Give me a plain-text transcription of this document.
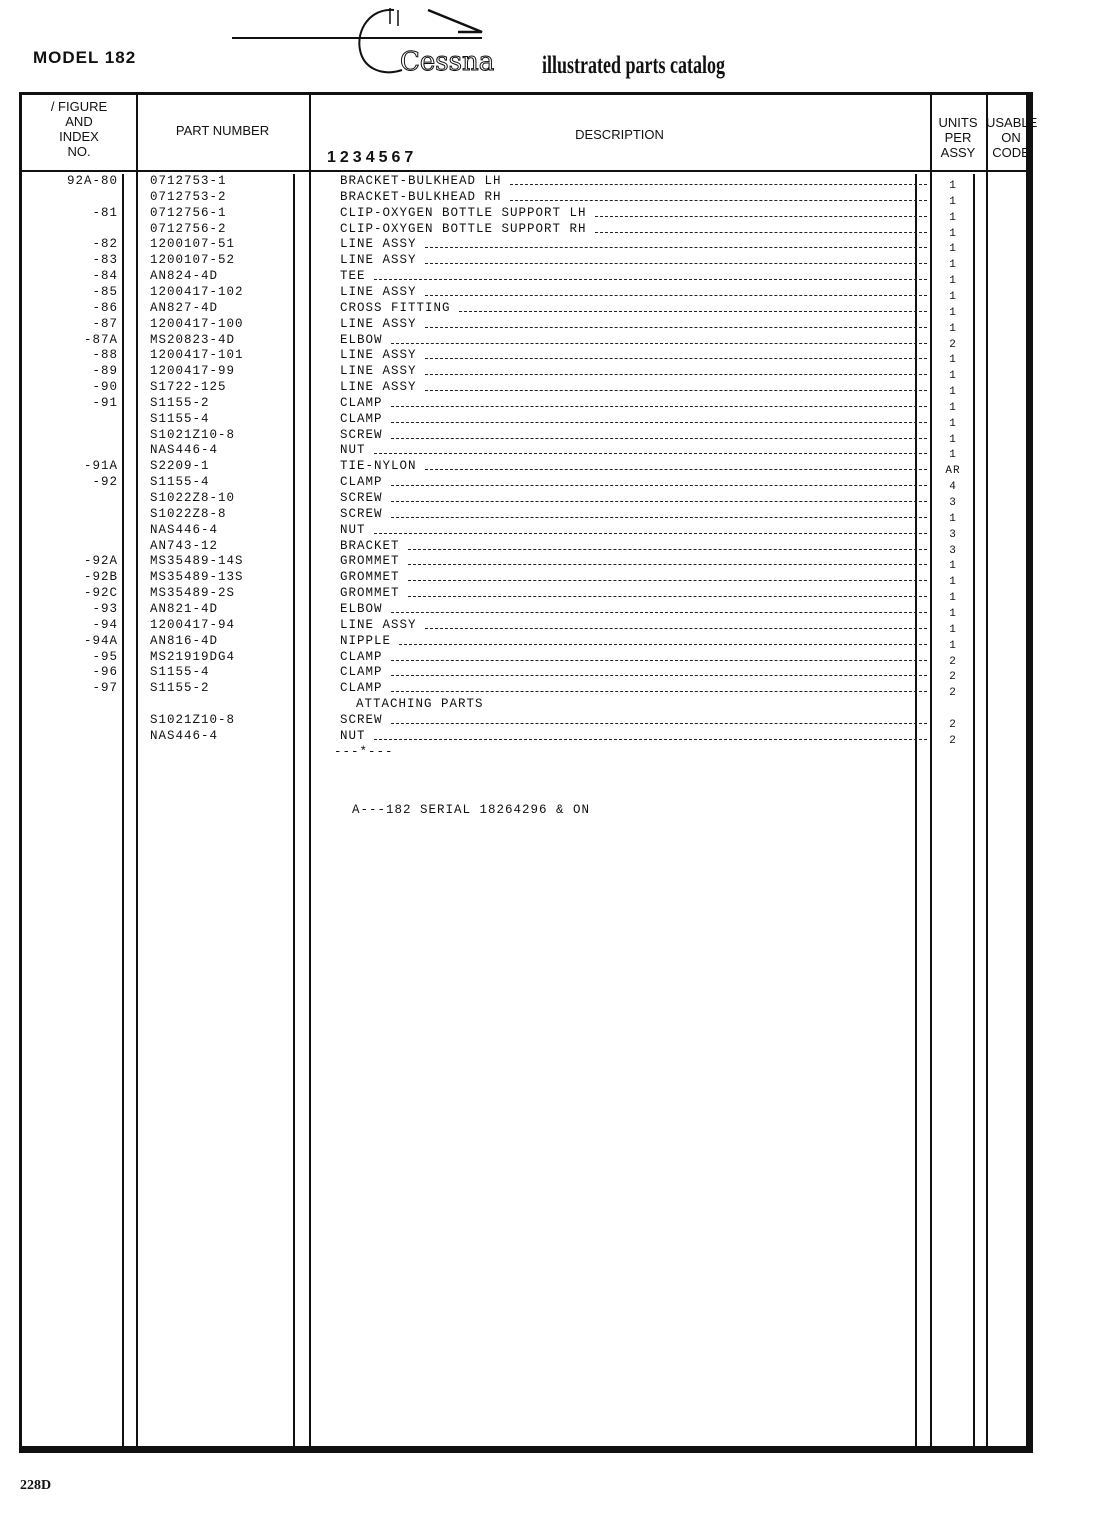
MODEL 182	Cessna illustrated parts catalog
/ FIGURE
AND
INDEX
NO.
PART NUMBER	DESCRIPTION
1234567
UNITS
PER
ASSY
USABLE
ON
CODE
92A-80	0712753-1	BRACKET-BULKHEAD LH	1
0712753-2	BRACKET-BULKHEAD RH	1
-81	0712756-1	CLIP-OXYGEN BOTTLE SUPPORT LH	1
0712756-2	CLIP-OXYGEN BOTTLE SUPPORT RH	1
-82	1200107-51	LINE ASSY	1
-83	1200107-52	LINE ASSY	1
-84	AN824-4D	TEE	1
-85	1200417-102	LINE ASSY	1
-86	AN827-4D	CROSS FITTING	1
-87	1200417-100	LINE ASSY	1
-87A	MS20823-4D	ELBOW	2
-88	1200417-101	LINE ASSY	1
-89	1200417-99	LINE ASSY	1
-90	S1722-125	LINE ASSY	1
-91	S1155-2	CLAMP	1
S1155-4	CLAMP	1
S1021Z10-8	SCREW	1
NAS446-4	NUT	1
-91A	S2209-1	TIE-NYLON	AR
-92	S1155-4	CLAMP	4
S1022Z8-10	SCREW	3
S1022Z8-8	SCREW	1
NAS446-4	NUT	3
AN743-12	BRACKET	3
-92A	MS35489-14S	GROMMET	1
-92B	MS35489-13S	GROMMET	1
-92C	MS35489-2S	GROMMET	1
-93	AN821-4D	ELBOW	1
-94	1200417-94	LINE ASSY	1
-94A	AN816-4D	NIPPLE	1
-95	MS21919DG4	CLAMP	2
-96	S1155-4	CLAMP	2
-97	S1155-2	CLAMP	2
ATTACHING PARTS
S1021Z10-8	SCREW	2
NAS446-4	NUT	2
---*---
A---182 SERIAL 18264296 & ON
228D
